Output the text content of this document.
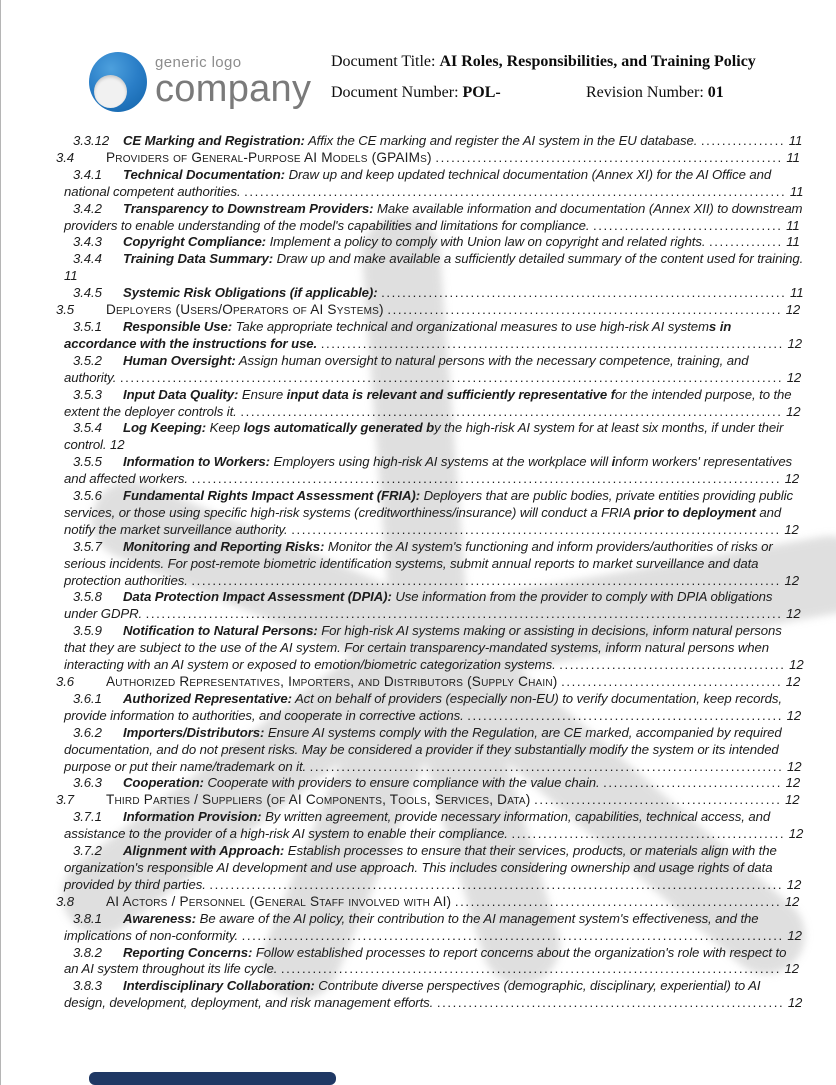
generic logo
company
Document Title: AI Roles, Responsibilities, and Training Policy
Document Number: POL-	Revision Number: 01
3.3.12 CE Marking and Registration: Affix the CE marking and register the AI system in the EU database. ................ 11
3.4 Providers of General-Purpose AI Models (GPAIMs) .................................................................. 11
3.4.1 Technical Documentation: Draw up and keep updated technical documentation (Annex XI) for the AI Office and national competent authorities. ....................................................................................................... 11
3.4.2 Transparency to Downstream Providers: Make available information and documentation (Annex XII) to downstream providers to enable understanding of the model's capabilities and limitations for compliance. .................................... 11
3.4.3 Copyright Compliance: Implement a policy to comply with Union law on copyright and related rights. .............. 11
3.4.4 Training Data Summary: Draw up and make available a sufficiently detailed summary of the content used for training. 11
3.4.5 Systemic Risk Obligations (if applicable): ............................................................................. 11
3.5 Deployers (Users/Operators of AI Systems) ........................................................................... 12
3.5.1 Responsible Use: Take appropriate technical and organizational measures to use high-risk AI systems in accordance with the instructions for use. ........................................................................................ 12
3.5.2 Human Oversight: Assign human oversight to natural persons with the necessary competence, training, and authority. .............................................................................................................................. 12
3.5.3 Input Data Quality: Ensure input data is relevant and sufficiently representative for the intended purpose, to the extent the deployer controls it. ....................................................................................................... 12
3.5.4 Log Keeping: Keep logs automatically generated by the high-risk AI system for at least six months, if under their control. 12
3.5.5 Information to Workers: Employers using high-risk AI systems at the workplace will inform workers' representatives and affected workers. ................................................................................................................ 12
3.5.6 Fundamental Rights Impact Assessment (FRIA): Deployers that are public bodies, private entities providing public services, or those using specific high-risk systems (creditworthiness/insurance) will conduct a FRIA prior to deployment and notify the market surveillance authority. ............................................................................................. 12
3.5.7 Monitoring and Reporting Risks: Monitor the AI system's functioning and inform providers/authorities of risks or serious incidents. For post-remote biometric identification systems, submit annual reports to market surveillance and data protection authorities. ................................................................................................................ 12
3.5.8 Data Protection Impact Assessment (DPIA): Use information from the provider to comply with DPIA obligations under GDPR. ......................................................................................................................... 12
3.5.9 Notification to Natural Persons: For high-risk AI systems making or assisting in decisions, inform natural persons that they are subject to the use of the AI system. For certain transparency-mandated systems, inform natural persons when interacting with an AI system or exposed to emotion/biometric categorization systems. ........................................... 12
3.6 Authorized Representatives, Importers, and Distributors (Supply Chain) .......................................... 12
3.6.1 Authorized Representative: Act on behalf of providers (especially non-EU) to verify documentation, keep records, provide information to authorities, and cooperate in corrective actions. ............................................................ 12
3.6.2 Importers/Distributors: Ensure AI systems comply with the Regulation, are CE marked, accompanied by required documentation, and do not present risks. May be considered a provider if they substantially modify the system or its intended purpose or put their name/trademark on it. .......................................................................................... 12
3.6.3 Cooperation: Cooperate with providers to ensure compliance with the value chain. .................................. 12
3.7 Third Parties / Suppliers (of AI Components, Tools, Services, Data) ............................................... 12
3.7.1 Information Provision: By written agreement, provide necessary information, capabilities, technical access, and assistance to the provider of a high-risk AI system to enable their compliance. .................................................... 12
3.7.2 Alignment with Approach: Establish processes to ensure that their services, products, or materials align with the organization's responsible AI development and use approach. This includes considering ownership and usage rights of data provided by third parties. ............................................................................................................. 12
3.8 AI Actors / Personnel (General Staff involved with AI) .............................................................. 12
3.8.1 Awareness: Be aware of the AI policy, their contribution to the AI management system's effectiveness, and the implications of non-conformity. ....................................................................................................... 12
3.8.2 Reporting Concerns: Follow established processes to report concerns about the organization's role with respect to an AI system throughout its life cycle. ............................................................................................... 12
3.8.3 Interdisciplinary Collaboration: Contribute diverse perspectives (demographic, disciplinary, experiential) to AI design, development, deployment, and risk management efforts. .................................................................. 12
